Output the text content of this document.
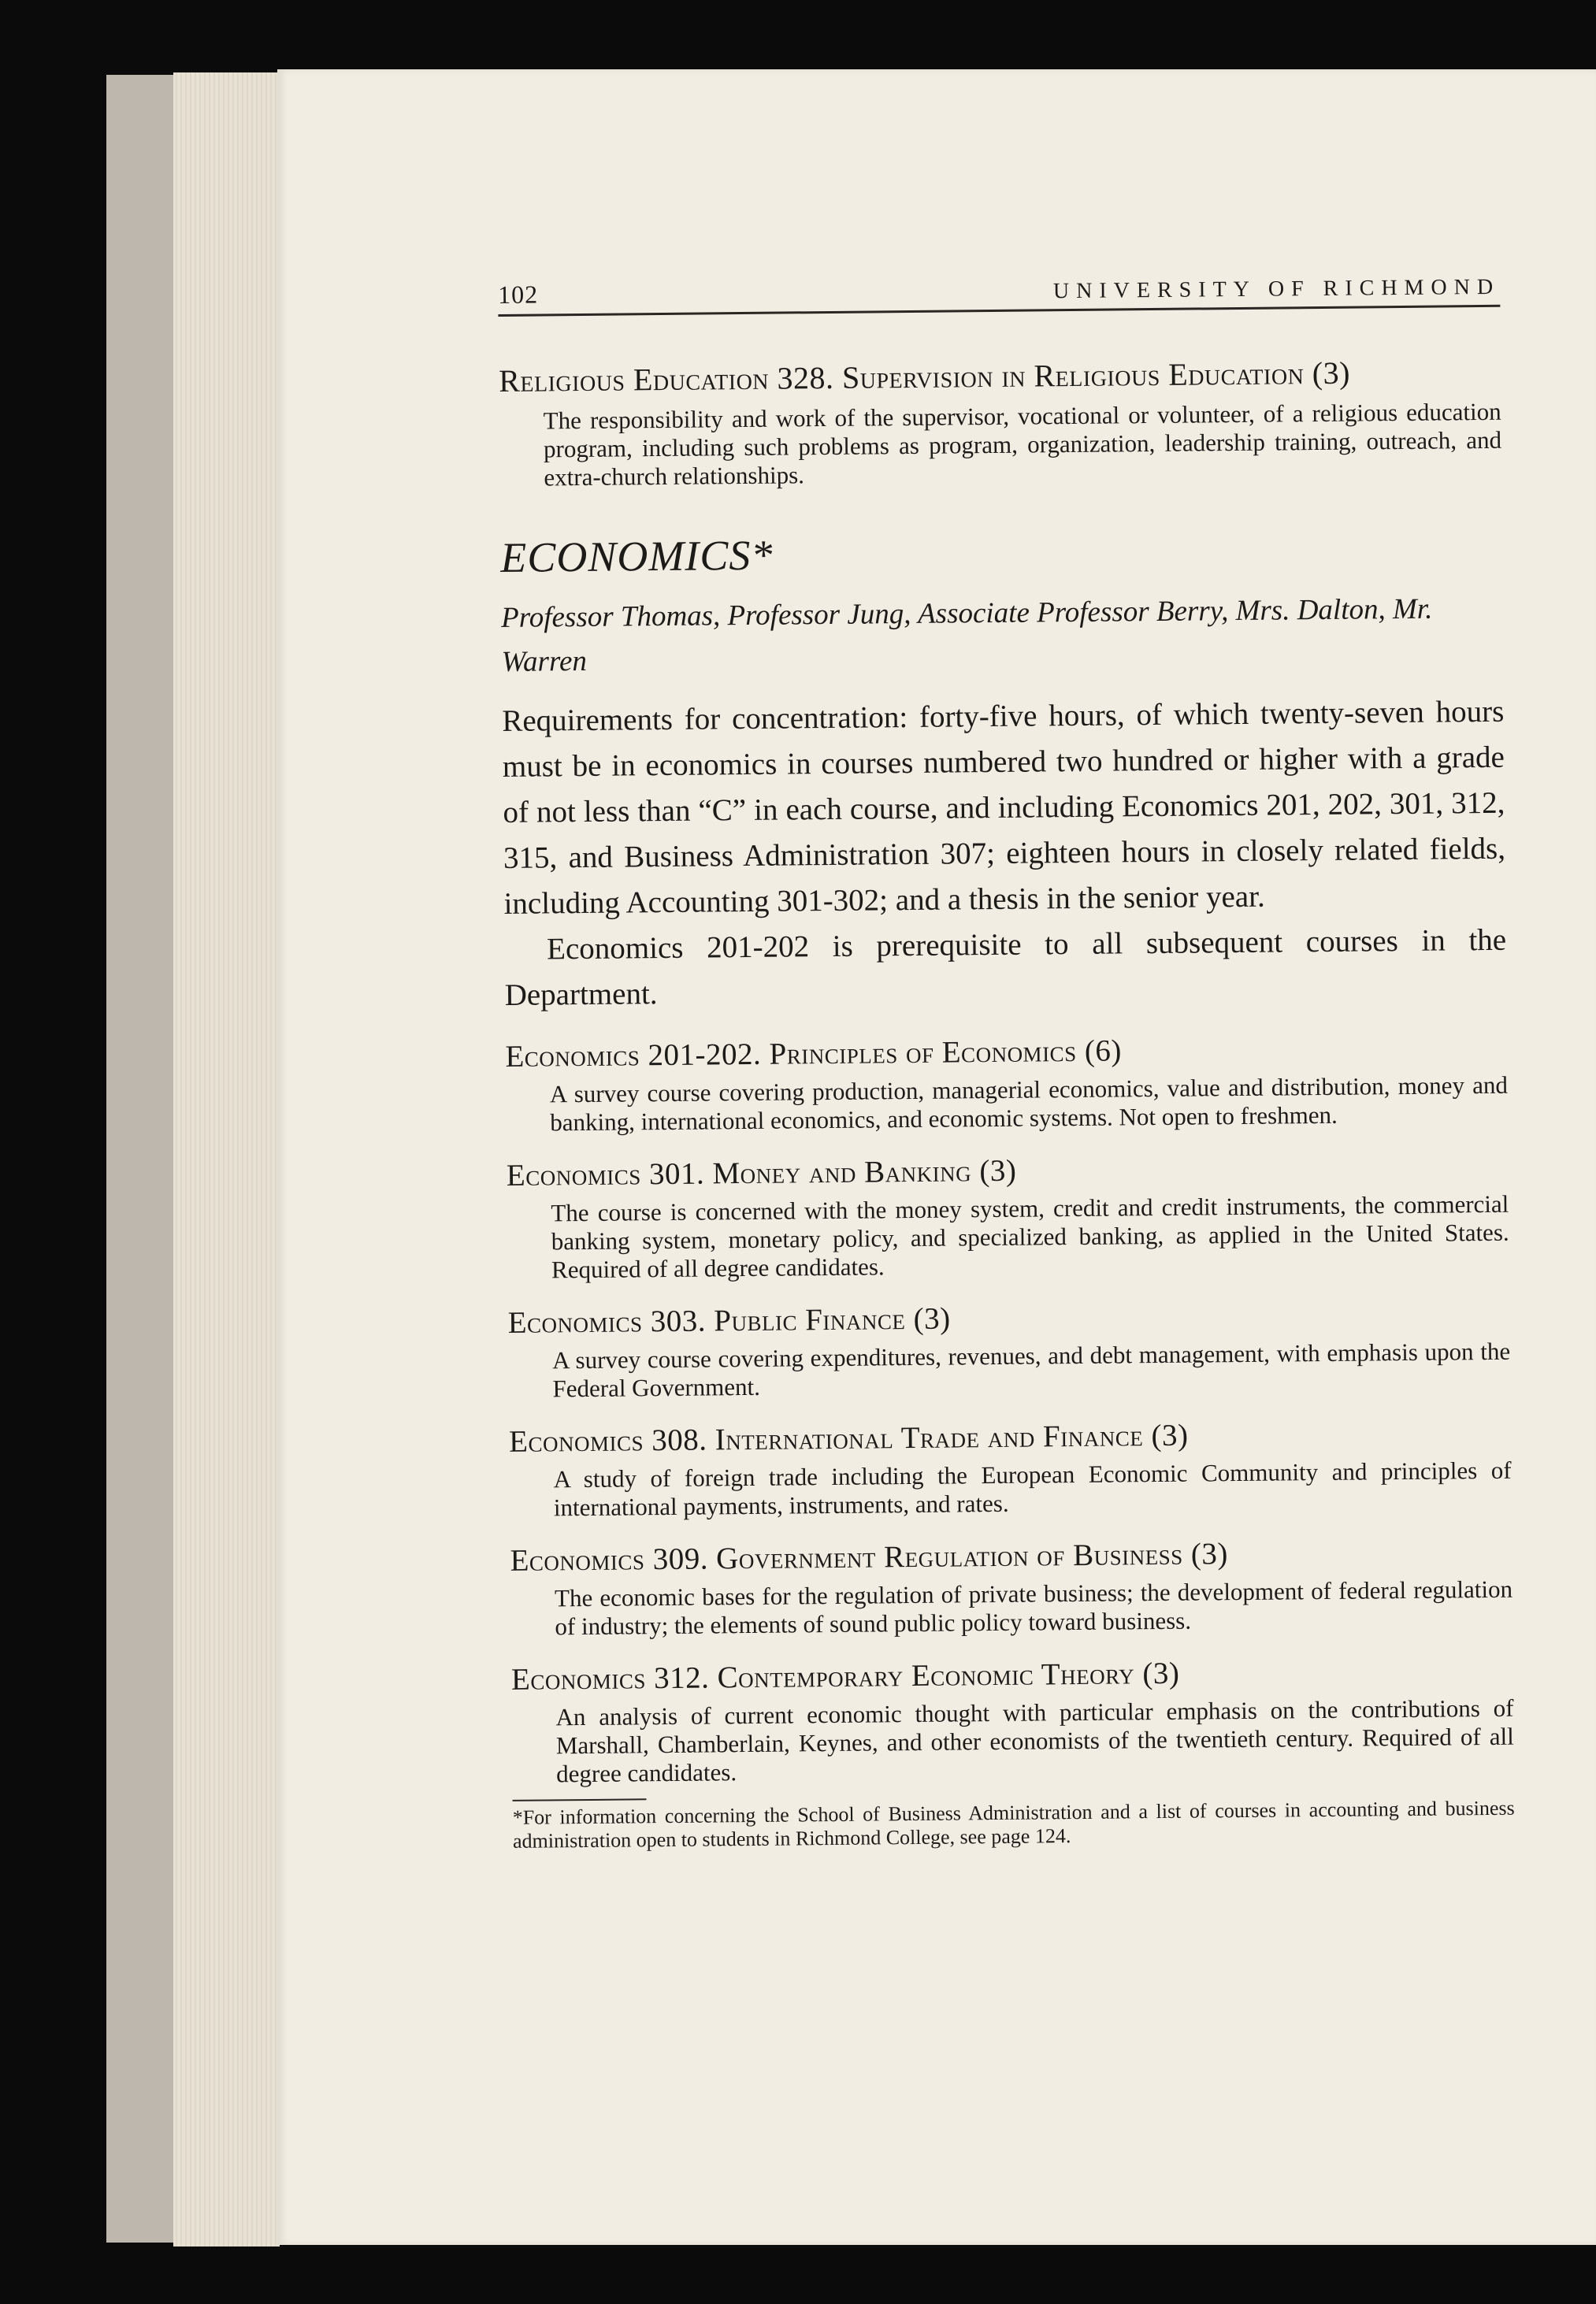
102	UNIVERSITY OF RICHMOND
Religious Education 328. Supervision in Religious Education (3)
The responsibility and work of the supervisor, vocational or volunteer, of a religious education program, including such problems as program, organization, leadership training, outreach, and extra-church relationships.
ECONOMICS*
Professor Thomas, Professor Jung, Associate Professor Berry, Mrs. Dalton, Mr. Warren
Requirements for concentration: forty-five hours, of which twenty-seven hours must be in economics in courses numbered two hundred or higher with a grade of not less than “C” in each course, and including Economics 201, 202, 301, 312, 315, and Business Administration 307; eighteen hours in closely related fields, including Accounting 301-302; and a thesis in the senior year.
Economics 201-202 is prerequisite to all subsequent courses in the Department.
Economics 201-202. Principles of Economics (6)
A survey course covering production, managerial economics, value and distribution, money and banking, international economics, and economic systems. Not open to freshmen.
Economics 301. Money and Banking (3)
The course is concerned with the money system, credit and credit instruments, the commercial banking system, monetary policy, and specialized banking, as applied in the United States. Required of all degree candidates.
Economics 303. Public Finance (3)
A survey course covering expenditures, revenues, and debt management, with emphasis upon the Federal Government.
Economics 308. International Trade and Finance (3)
A study of foreign trade including the European Economic Community and principles of international payments, instruments, and rates.
Economics 309. Government Regulation of Business (3)
The economic bases for the regulation of private business; the development of federal regulation of industry; the elements of sound public policy toward business.
Economics 312. Contemporary Economic Theory (3)
An analysis of current economic thought with particular emphasis on the contributions of Marshall, Chamberlain, Keynes, and other economists of the twentieth century. Required of all degree candidates.
*For information concerning the School of Business Administration and a list of courses in accounting and business administration open to students in Richmond College, see page 124.
